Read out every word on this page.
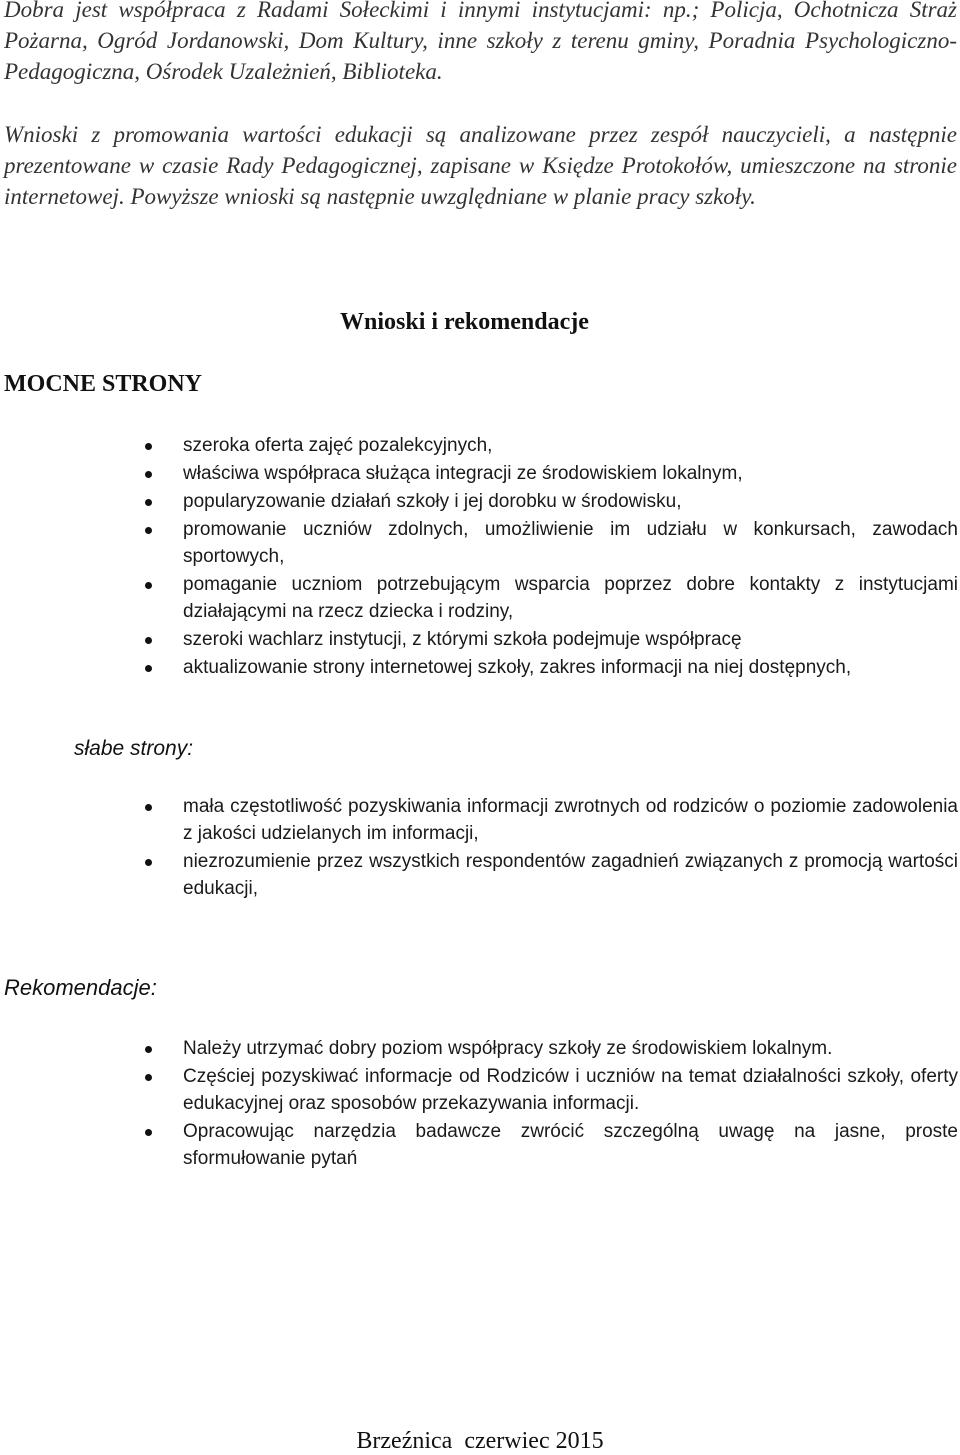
Dobra jest współpraca z Radami Sołeckimi i innymi instytucjami: np.; Policja, Ochotnicza Straż Pożarna, Ogród Jordanowski, Dom Kultury, inne szkoły z terenu gminy, Poradnia Psychologiczno-Pedagogiczna, Ośrodek Uzależnień, Biblioteka.

Wnioski z promowania wartości edukacji są analizowane przez zespół nauczycieli, a następnie prezentowane w czasie Rady Pedagogicznej, zapisane w Księdze Protokołów, umieszczone na stronie internetowej. Powyższe wnioski są następnie uwzględniane w planie pracy szkoły.

Wnioski i rekomendacje
MOCNE STRONY
szeroka oferta zajęć pozalekcyjnych,
właściwa współpraca służąca integracji ze środowiskiem lokalnym,
popularyzowanie działań szkoły i jej dorobku w środowisku,
promowanie uczniów zdolnych, umożliwienie im udziału w konkursach, zawodach sportowych,
pomaganie uczniom potrzebującym wsparcia poprzez dobre kontakty z instytucjami działającymi na rzecz dziecka i rodziny,
szeroki wachlarz instytucji, z którymi szkoła podejmuje współpracę
aktualizowanie strony internetowej szkoły, zakres informacji na niej dostępnych,

słabe strony:

mała częstotliwość pozyskiwania informacji zwrotnych od rodziców o poziomie zadowolenia z jakości udzielanych im informacji,
niezrozumienie przez wszystkich respondentów zagadnień związanych z promocją wartości edukacji,

Rekomendacje:

Należy utrzymać dobry poziom współpracy szkoły ze środowiskiem lokalnym.
Częściej pozyskiwać informacje od Rodziców i uczniów na temat działalności szkoły, oferty edukacyjnej oraz sposobów przekazywania informacji.
Opracowując narzędzia badawcze zwrócić szczególną uwagę na jasne, proste sformułowanie pytań

Brzeźnica  czerwiec 2015
